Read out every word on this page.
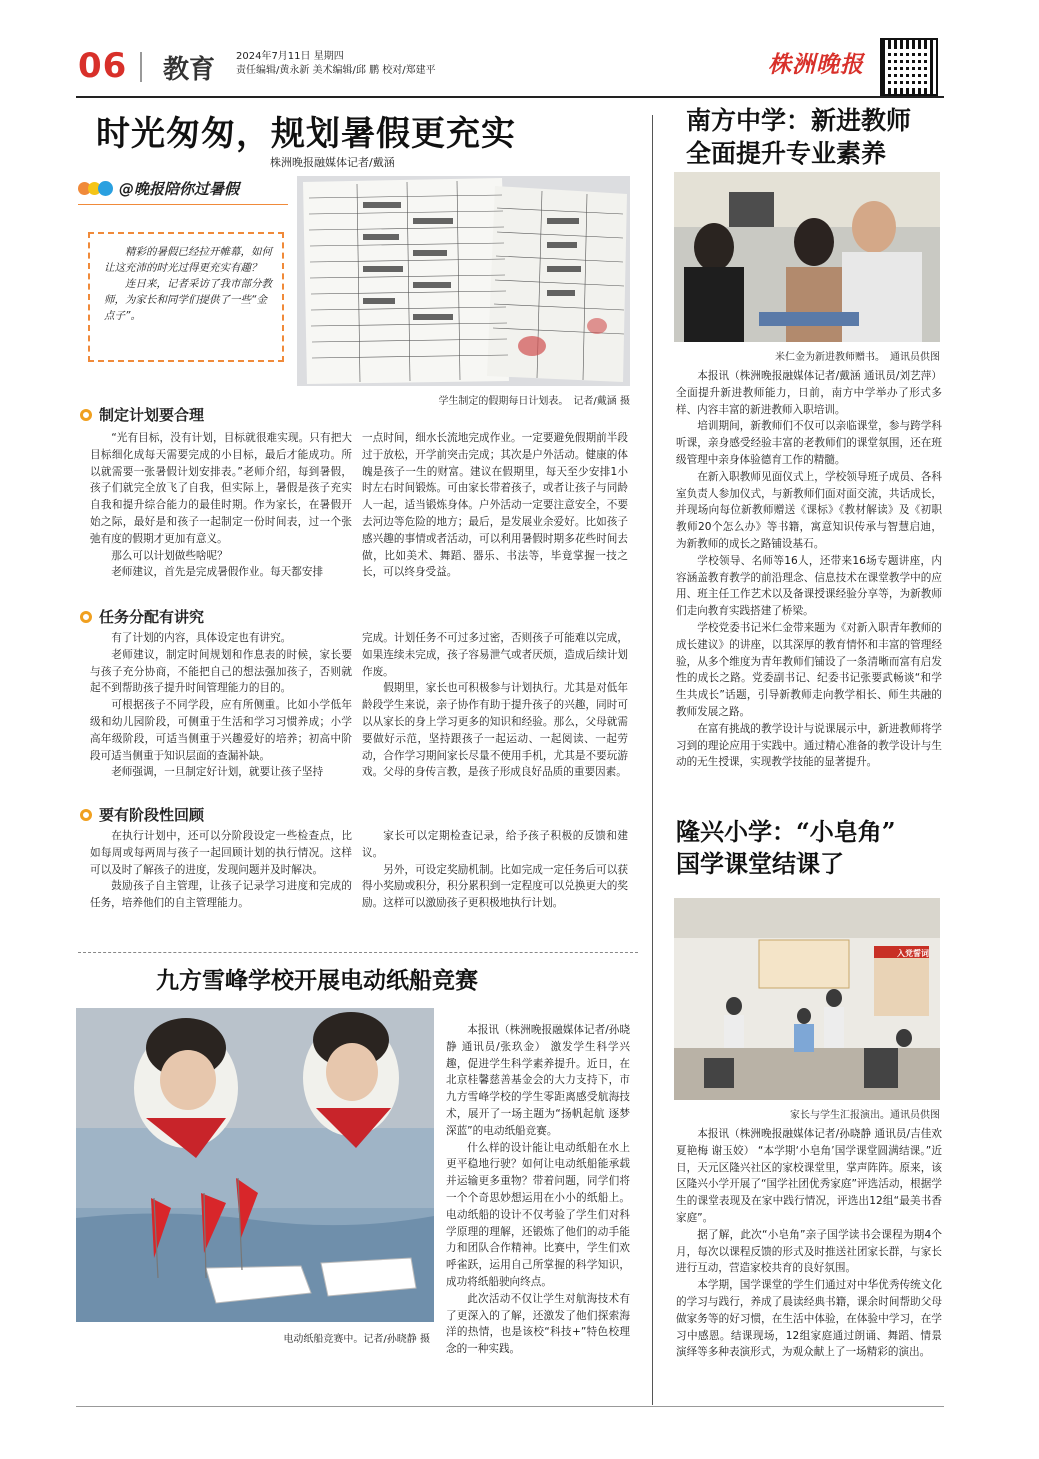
06 教育 2024年7月11日 星期四
责任编辑/黄永新 美术编辑/邱 鹏 校对/郑建平	株洲晚报
时光匆匆，规划暑假更充实
株洲晚报融媒体记者/戴涵
@晚报陪你过暑假

精彩的暑假已经拉开帷幕，如何让这充沛的时光过得更充实有趣？

连日来，记者采访了我市部分教师，为家长和同学们提供了一些“金点子”。

学生制定的假期每日计划表。　记者/戴涵 摄
制定计划要合理

“光有目标，没有计划，目标就很难实现。只有把大目标细化成每天需要完成的小目标，最后才能成功。所以就需要一张暑假计划安排表。”老师介绍，每到暑假，孩子们就完全放飞了自我，但实际上，暑假是孩子充实自我和提升综合能力的最佳时期。作为家长，在暑假开始之际，最好是和孩子一起制定一份时间表，过一个张弛有度的假期才更加有意义。

那么可以计划做些啥呢？

老师建议，首先是完成暑假作业。每天都安排

一点时间，细水长流地完成作业。一定要避免假期前半段过于放松，开学前突击完成；其次是户外活动。健康的体魄是孩子一生的财富。建议在假期里，每天至少安排1小时左右时间锻炼。可由家长带着孩子，或者让孩子与同龄人一起，适当锻炼身体。户外活动一定要注意安全，不要去河边等危险的地方；最后，是发展业余爱好。比如孩子感兴趣的事情或者活动，可以利用暑假时期多花些时间去做，比如美术、舞蹈、器乐、书法等，毕竟掌握一技之长，可以终身受益。

任务分配有讲究

有了计划的内容，具体设定也有讲究。

老师建议，制定时间规划和作息表的时候，家长要与孩子充分协商，不能把自己的想法强加孩子，否则就起不到帮助孩子提升时间管理能力的目的。

可根据孩子不同学段，应有所侧重。比如小学低年级和幼儿园阶段，可侧重于生活和学习习惯养成；小学高年级阶段，可适当侧重于兴趣爱好的培养；初高中阶段可适当侧重于知识层面的查漏补缺。

老师强调，一旦制定好计划，就要让孩子坚持

完成。计划任务不可过多过密，否则孩子可能难以完成，如果连续未完成，孩子容易泄气或者厌烦，造成后续计划作废。

假期里，家长也可积极参与计划执行。尤其是对低年龄段学生来说，亲子协作有助于提升孩子的兴趣，同时可以从家长的身上学习更多的知识和经验。那么，父母就需要做好示范，坚持跟孩子一起运动、一起阅读、一起劳动，合作学习期间家长尽量不使用手机，尤其是不要玩游戏。父母的身传言教，是孩子形成良好品质的重要因素。

要有阶段性回顾

在执行计划中，还可以分阶段设定一些检查点，比如每周或每两周与孩子一起回顾计划的执行情况。这样可以及时了解孩子的进度，发现问题并及时解决。

鼓励孩子自主管理，让孩子记录学习进度和完成的任务，培养他们的自主管理能力。

家长可以定期检查记录，给予孩子积极的反馈和建议。

另外，可设定奖励机制。比如完成一定任务后可以获得小奖励或积分，积分累积到一定程度可以兑换更大的奖励。这样可以激励孩子更积极地执行计划。

九方雪峰学校开展电动纸船竞赛
电动纸船竞赛中。记者/孙晓静 摄

本报讯（株洲晚报融媒体记者/孙晓静 通讯员/张玖金） 激发学生科学兴趣，促进学生科学素养提升。近日，在北京桂馨慈善基金会的大力支持下，市九方雪峰学校的学生零距离感受航海技术，展开了一场主题为“扬帆起航 逐梦深蓝”的电动纸船竞赛。

什么样的设计能让电动纸船在水上更平稳地行驶？如何让电动纸船能承载并运输更多重物？带着问题，同学们将一个个奇思妙想运用在小小的纸船上。电动纸船的设计不仅考验了学生们对科学原理的理解，还锻炼了他们的动手能力和团队合作精神。比赛中，学生们欢呼雀跃，运用自己所掌握的科学知识，成功将纸船驶向终点。

此次活动不仅让学生对航海技术有了更深入的了解，还激发了他们探索海洋的热情，也是该校“科技+”特色校理念的一种实践。

南方中学：新进教师
全面提升专业素养
米仁金为新进教师赠书。　通讯员供图

本报讯（株洲晚报融媒体记者/戴涵 通讯员/刘艺萍） 全面提升新进教师能力，日前，南方中学举办了形式多样、内容丰富的新进教师入职培训。

培训期间，新教师们不仅可以亲临课堂，参与跨学科听课，亲身感受经验丰富的老教师们的课堂氛围，还在班级管理中亲身体验德育工作的精髓。

在新入职教师见面仪式上，学校领导班子成员、各科室负责人参加仪式，与新教师们面对面交流，共话成长，并现场向每位新教师赠送《课标》《教材解读》及《初职教师20个怎么办》等书籍，寓意知识传承与智慧启迪，为新教师的成长之路铺设基石。

学校领导、名师等16人，还带来16场专题讲座，内容涵盖教育教学的前沿理念、信息技术在课堂教学中的应用、班主任工作艺术以及备课授课经验分享等，为新教师们走向教育实践搭建了桥梁。

学校党委书记米仁金带来题为《对新入职青年教师的成长建议》的讲座，以其深厚的教育情怀和丰富的管理经验，从多个维度为青年教师们铺设了一条清晰而富有启发性的成长之路。党委副书记、纪委书记张要武畅谈“和学生共成长”话题，引导新教师走向教学相长、师生共融的教师发展之路。

在富有挑战的教学设计与说课展示中，新进教师将学习到的理论应用于实践中。通过精心准备的教学设计与生动的无生授课，实现教学技能的显著提升。

隆兴小学：“小皂角”
国学课堂结课了
入党誓词
家长与学生汇报演出。通讯员供图

本报讯（株洲晚报融媒体记者/孙晓静 通讯员/吉佳欢 夏艳梅 谢玉姣） “本学期‘小皂角’国学课堂圆满结课。”近日，天元区隆兴社区的家校课堂里，掌声阵阵。原来，该区隆兴小学开展了“国学社团优秀家庭”评选活动，根据学生的课堂表现及在家中践行情况，评选出12组“最美书香家庭”。

据了解，此次“小皂角”亲子国学读书会课程为期4个月，每次以课程反馈的形式及时推送社团家长群，与家长进行互动，营造家校共育的良好氛围。

本学期，国学课堂的学生们通过对中华优秀传统文化的学习与践行，养成了晨读经典书籍，课余时间帮助父母做家务等的好习惯，在生活中体验，在体验中学习，在学习中感恩。结课现场，12组家庭通过朗诵、舞蹈、情景演绎等多种表演形式，为观众献上了一场精彩的演出。
